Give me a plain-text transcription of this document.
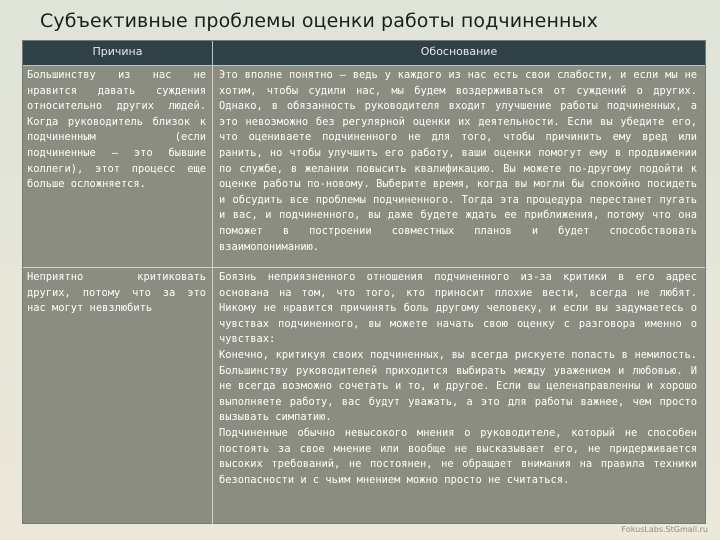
Субъективные проблемы оценки работы подчиненных
Причина	Обоснование
Большинству из нас не нравится давать суждения относительно других людей. Когда руководитель близок к подчиненным (если подчиненные — это бывшие коллеги), этот процесс еще больше осложняется.

Это вполне понятно — ведь у каждого из нас есть свои слабости, и если мы не хотим, чтобы судили нас, мы будем воздерживаться от суждений о других. Однако, в обязанность руководителя входит улучшение работы подчиненных, а это невозможно без регулярной оценки их деятельности. Если вы убедите его, что оцениваете подчиненного не для того, чтобы причинить ему вред или ранить, но чтобы улучшить его работу, ваши оценки помогут ему в продвижении по службе, в желании повысить квалификацию. Вы можете по-другому подойти к оценке работы по-новому. Выберите время, когда вы могли бы спокойно посидеть и обсудить все проблемы подчиненного. Тогда эта процедура перестанет пугать и вас, и подчиненного, вы даже будете ждать ее приближения, потому что она поможет в построении совместных планов и будет способствовать взаимопониманию.

Неприятно критиковать других, потому что за это нас могут невзлюбить

Боязнь неприязненного отношения подчиненного из-за критики в его адрес основана на том, что того, кто приносит плохие вести, всегда не любят. Никому не нравится причинять боль другому человеку, и если вы задумаетесь о чувствах подчиненного, вы можете начать свою оценку с разговора именно о чувствах:

Конечно, критикуя своих подчиненных, вы всегда рискуете попасть в немилость. Большинству руководителей приходится выбирать между уважением и любовью. И не всегда возможно сочетать и то, и другое. Если вы целенаправленны и хорошо выполняете работу, вас будут уважать, а это для работы важнее, чем просто вызывать симпатию.

Подчиненные обычно невысокого мнения о руководителе, который не способен постоять за свое мнение или вообще не высказывает его, не придерживается высоких требований, не постоянен, не обращает внимания на правила техники безопасности и с чьим мнением можно просто не считаться.

FokusLabs.StGmail.ru
